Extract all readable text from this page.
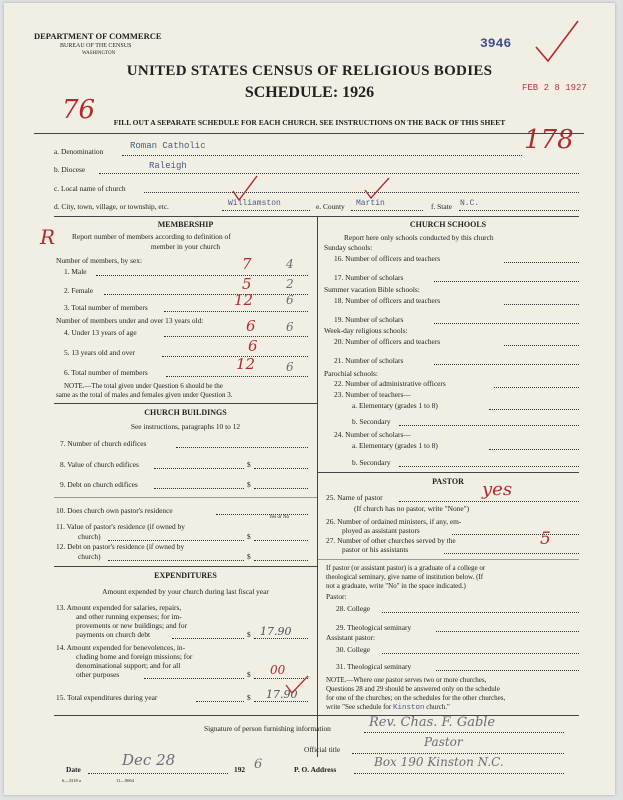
DEPARTMENT OF COMMERCE
BUREAU OF THE CENSUS
WASHINGTON
UNITED STATES CENSUS OF RELIGIOUS BODIES
SCHEDULE: 1926
3946
FEB 2 8 1927
76
178
R
FILL OUT A SEPARATE SCHEDULE FOR EACH CHURCH. SEE INSTRUCTIONS ON THE BACK OF THIS SHEET
a. Denomination
Roman Catholic
b. Diocese	Raleigh
c. Local name of church
d. City, town, village, or township, etc.	Williamston	e. County Martin	f. State N.C.
MEMBERSHIP
Report number of members according to definition of
member in your church
Number of members, by sex:
1. Male	7	4
2. Female	5	2
3. Total number of members	12	6
Number of members under and over 13 years old:
4. Under 13 years of age	6	6
5. 13 years old and over	6
6. Total number of members	12	6
NOTE.—The total given under Question 6 should be the
same as the total of males and females given under Question 3.
CHURCH BUILDINGS
See instructions, paragraphs 10 to 12
7. Number of church edifices
8. Value of church edifices	$
9. Debt on church edifices	$
10. Does church own pastor's residence
Yes or No
11. Value of pastor's residence (if owned by
church)	$
12. Debt on pastor's residence (if owned by
church)	$
EXPENDITURES
Amount expended by your church during last fiscal year
13. Amount expended for salaries, repairs,
and other running expenses; for im-
provements or new buildings; and for
payments on church debt	$ 17.90
14. Amount expended for benevolences, in-
cluding home and foreign missions; for
denominational support; and for all
other purposes	$ 00
15. Total expenditures during year	$ 17.90
CHURCH SCHOOLS
Report here only schools conducted by this church
Sunday schools:
16. Number of officers and teachers
17. Number of scholars
Summer vacation Bible schools:
18. Number of officers and teachers
19. Number of scholars
Week-day religious schools:
20. Number of officers and teachers
21. Number of scholars
Parochial schools:
22. Number of administrative officers
23. Number of teachers—
a. Elementary (grades 1 to 8)
b. Secondary
24. Number of scholars—
a. Elementary (grades 1 to 8)
b. Secondary
PASTOR
25. Name of pastor	yes
(If church has no pastor, write "None")
26. Number of ordained ministers, if any, em-
ployed as assistant pastors
27. Number of other churches served by the
pastor or his assistants
5
If pastor (or assistant pastor) is a graduate of a college or
theological seminary, give name of institution below. (If
not a graduate, write "No" in the space indicated.)
Pastor:
28. College
29. Theological seminary
Assistant pastor:
30. College
31. Theological seminary
NOTE.—Where one pastor serves two or more churches,
Questions 28 and 29 should be answered only on the schedule
for one of the churches; on the schedules for the other churches,
write "See schedule for Kinston church."
Signature of person furnishing information	Rev. Chas. F. Gable
Official title
Pastor
Date
Dec 28
192 6	P. O. Address
Box 190 Kinston N.C.
6—3318 a	11—9064
